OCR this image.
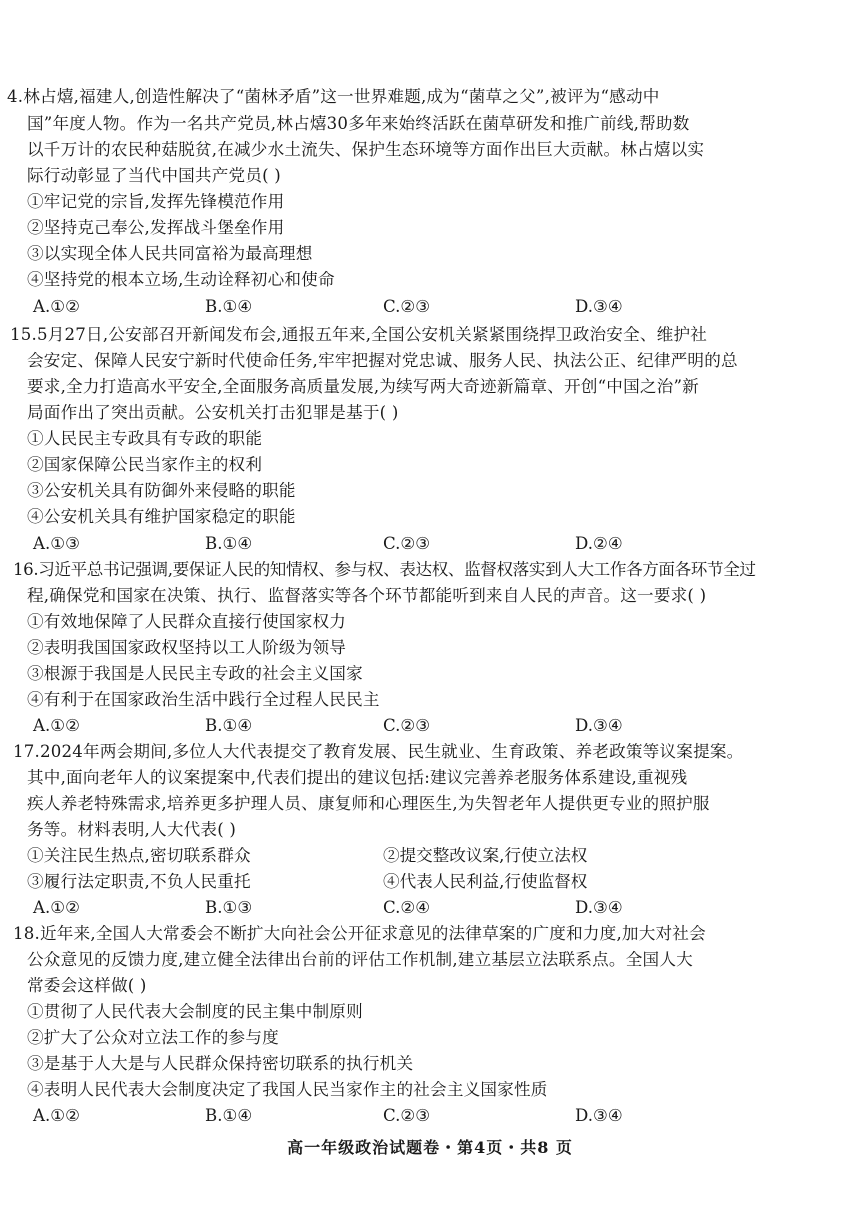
4.林占熺,福建人,创造性解决了“菌林矛盾”这一世界难题,成为“菌草之父”,被评为“感动中
国”年度人物。作为一名共产党员,林占熺30多年来始终活跃在菌草研发和推广前线,帮助数
以千万计的农民种菇脱贫,在减少水土流失、保护生态环境等方面作出巨大贡献。林占熺以实
际行动彰显了当代中国共产党员( )
①牢记党的宗旨,发挥先锋模范作用
②坚持克己奉公,发挥战斗堡垒作用
③以实现全体人民共同富裕为最高理想
④坚持党的根本立场,生动诠释初心和使命
A.①②	B.①④	C.②③	D.③④
15.5月27日,公安部召开新闻发布会,通报五年来,全国公安机关紧紧围绕捍卫政治安全、维护社
会安定、保障人民安宁新时代使命任务,牢牢把握对党忠诚、服务人民、执法公正、纪律严明的总
要求,全力打造高水平安全,全面服务高质量发展,为续写两大奇迹新篇章、开创“中国之治”新
局面作出了突出贡献。公安机关打击犯罪是基于( )
①人民民主专政具有专政的职能
②国家保障公民当家作主的权利
③公安机关具有防御外来侵略的职能
④公安机关具有维护国家稳定的职能
A.①③	B.①④	C.②③	D.②④
16.习近平总书记强调,要保证人民的知情权、参与权、表达权、监督权落实到人大工作各方面各环节全过
程,确保党和国家在决策、执行、监督落实等各个环节都能听到来自人民的声音。这一要求( )
①有效地保障了人民群众直接行使国家权力
②表明我国国家政权坚持以工人阶级为领导
③根源于我国是人民民主专政的社会主义国家
④有利于在国家政治生活中践行全过程人民民主
A.①②	B.①④	C.②③	D.③④
17.2024年两会期间,多位人大代表提交了教育发展、民生就业、生育政策、养老政策等议案提案。
其中,面向老年人的议案提案中,代表们提出的建议包括:建议完善养老服务体系建设,重视残
疾人养老特殊需求,培养更多护理人员、康复师和心理医生,为失智老年人提供更专业的照护服
务等。材料表明,人大代表( )
①关注民生热点,密切联系群众	②提交整改议案,行使立法权
③履行法定职责,不负人民重托	④代表人民利益,行使监督权
A.①②	B.①③	C.②④	D.③④
18.近年来,全国人大常委会不断扩大向社会公开征求意见的法律草案的广度和力度,加大对社会
公众意见的反馈力度,建立健全法律出台前的评估工作机制,建立基层立法联系点。全国人大
常委会这样做( )
①贯彻了人民代表大会制度的民主集中制原则
②扩大了公众对立法工作的参与度
③是基于人大是与人民群众保持密切联系的执行机关
④表明人民代表大会制度决定了我国人民当家作主的社会主义国家性质
A.①②	B.①④	C.②③	D.③④
高一年级政治试题卷・第4页・共8 页
